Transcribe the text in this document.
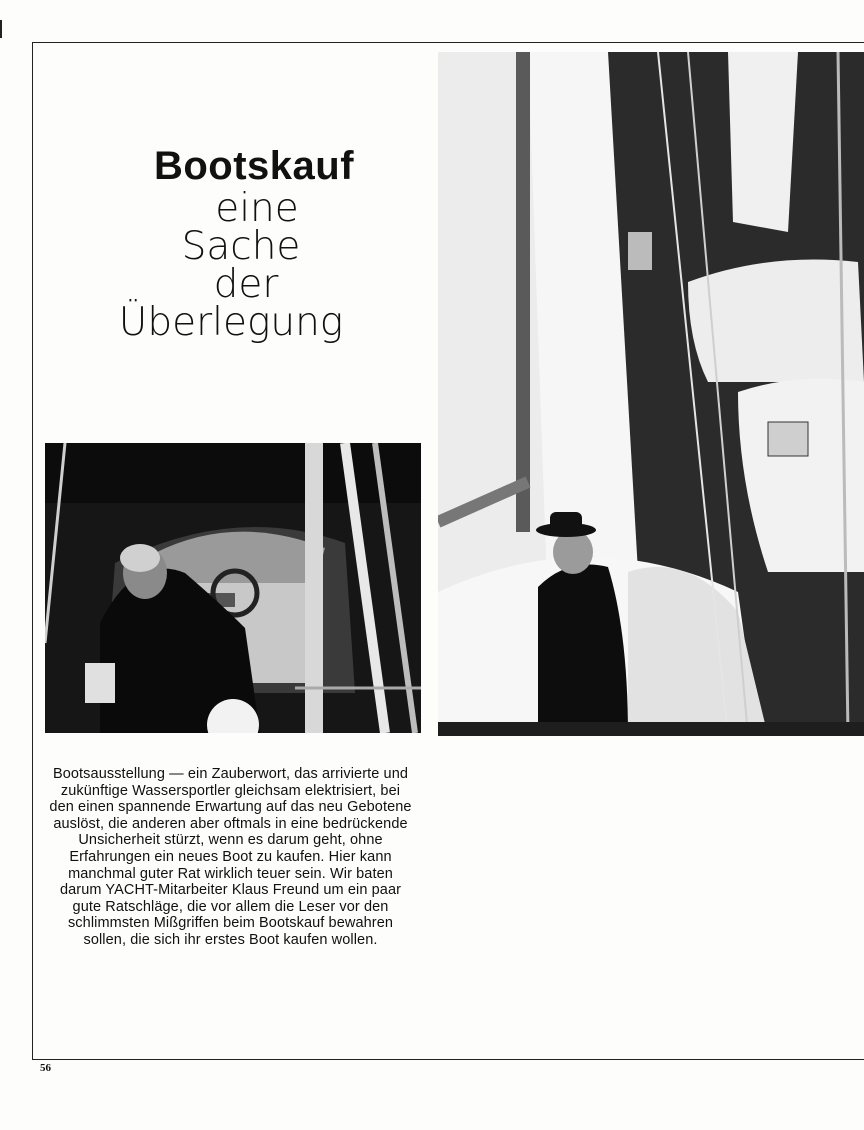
Bootskauf
eine
Sache
der
Überlegung
Bootsausstellung — ein Zauberwort, das arrivierte und zukünftige Wassersportler gleichsam elektrisiert, bei den einen spannende Erwartung auf das neu Gebotene auslöst, die anderen aber oftmals in eine bedrückende Unsicherheit stürzt, wenn es darum geht, ohne Erfahrungen ein neues Boot zu kaufen. Hier kann manchmal guter Rat wirklich teuer sein. Wir baten darum YACHT-Mitarbeiter Klaus Freund um ein paar gute Ratschläge, die vor allem die Leser vor den schlimmsten Mißgriffen beim Bootskauf bewahren sollen, die sich ihr erstes Boot kaufen wollen.
56
